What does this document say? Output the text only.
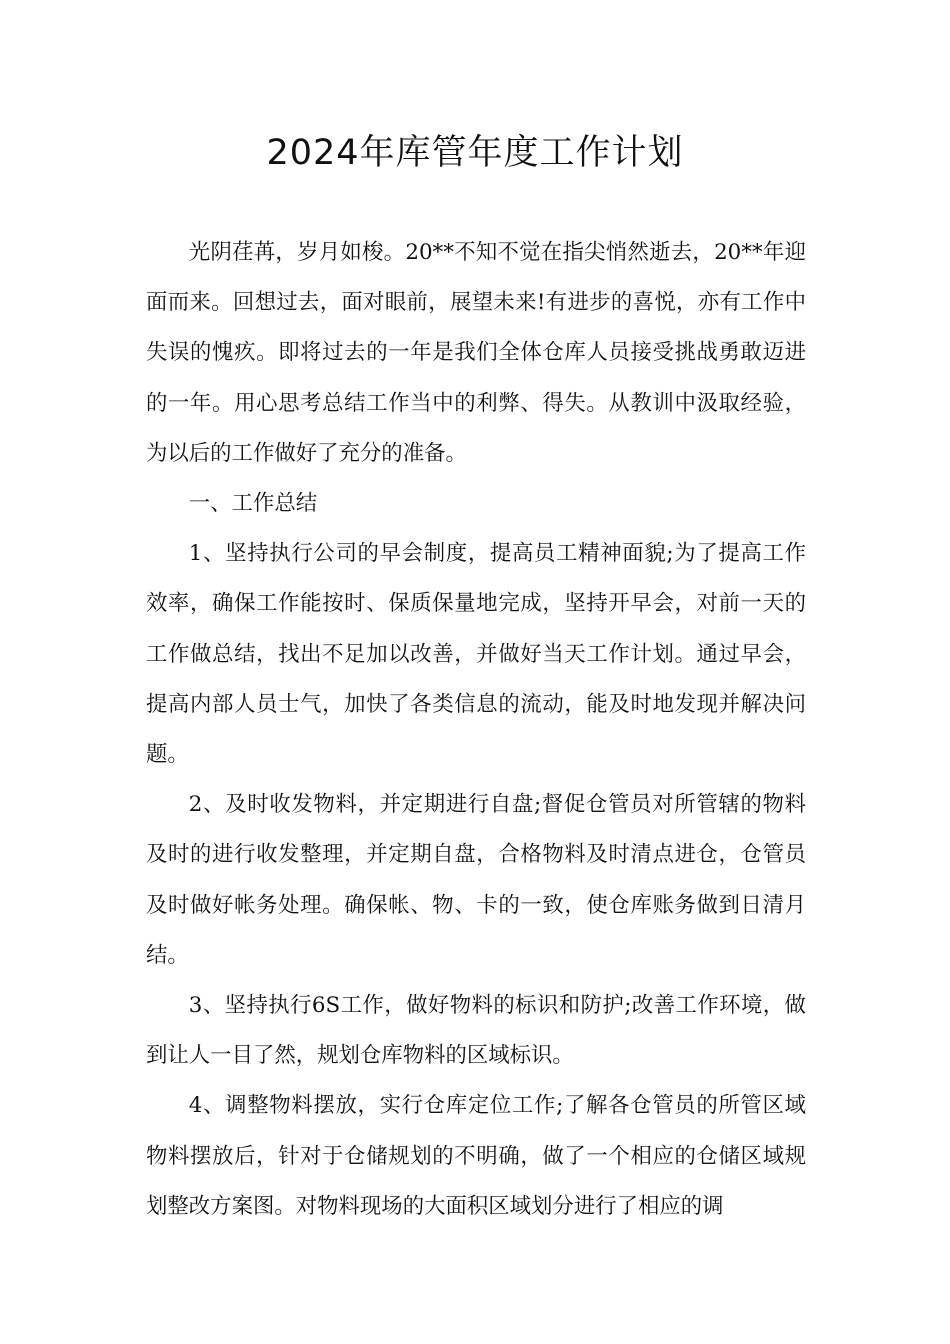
2024年库管年度工作计划

光阴荏苒，岁月如梭。20**不知不觉在指尖悄然逝去，20**年迎面而来。回想过去，面对眼前，展望未来!有进步的喜悦，亦有工作中失误的愧疚。即将过去的一年是我们全体仓库人员接受挑战勇敢迈进的一年。用心思考总结工作当中的利弊、得失。从教训中汲取经验，为以后的工作做好了充分的准备。

一、工作总结

1、坚持执行公司的早会制度，提高员工精神面貌;为了提高工作效率，确保工作能按时、保质保量地完成，坚持开早会，对前一天的工作做总结，找出不足加以改善，并做好当天工作计划。通过早会，提高内部人员士气，加快了各类信息的流动，能及时地发现并解决问题。

2、及时收发物料，并定期进行自盘;督促仓管员对所管辖的物料及时的进行收发整理，并定期自盘，合格物料及时清点进仓，仓管员及时做好帐务处理。确保帐、物、卡的一致，使仓库账务做到日清月结。

3、坚持执行6S工作，做好物料的标识和防护;改善工作环境，做到让人一目了然，规划仓库物料的区域标识。

4、调整物料摆放，实行仓库定位工作;了解各仓管员的所管区域物料摆放后，针对于仓储规划的不明确，做了一个相应的仓储区域规划整改方案图。对物料现场的大面积区域划分进行了相应的调
